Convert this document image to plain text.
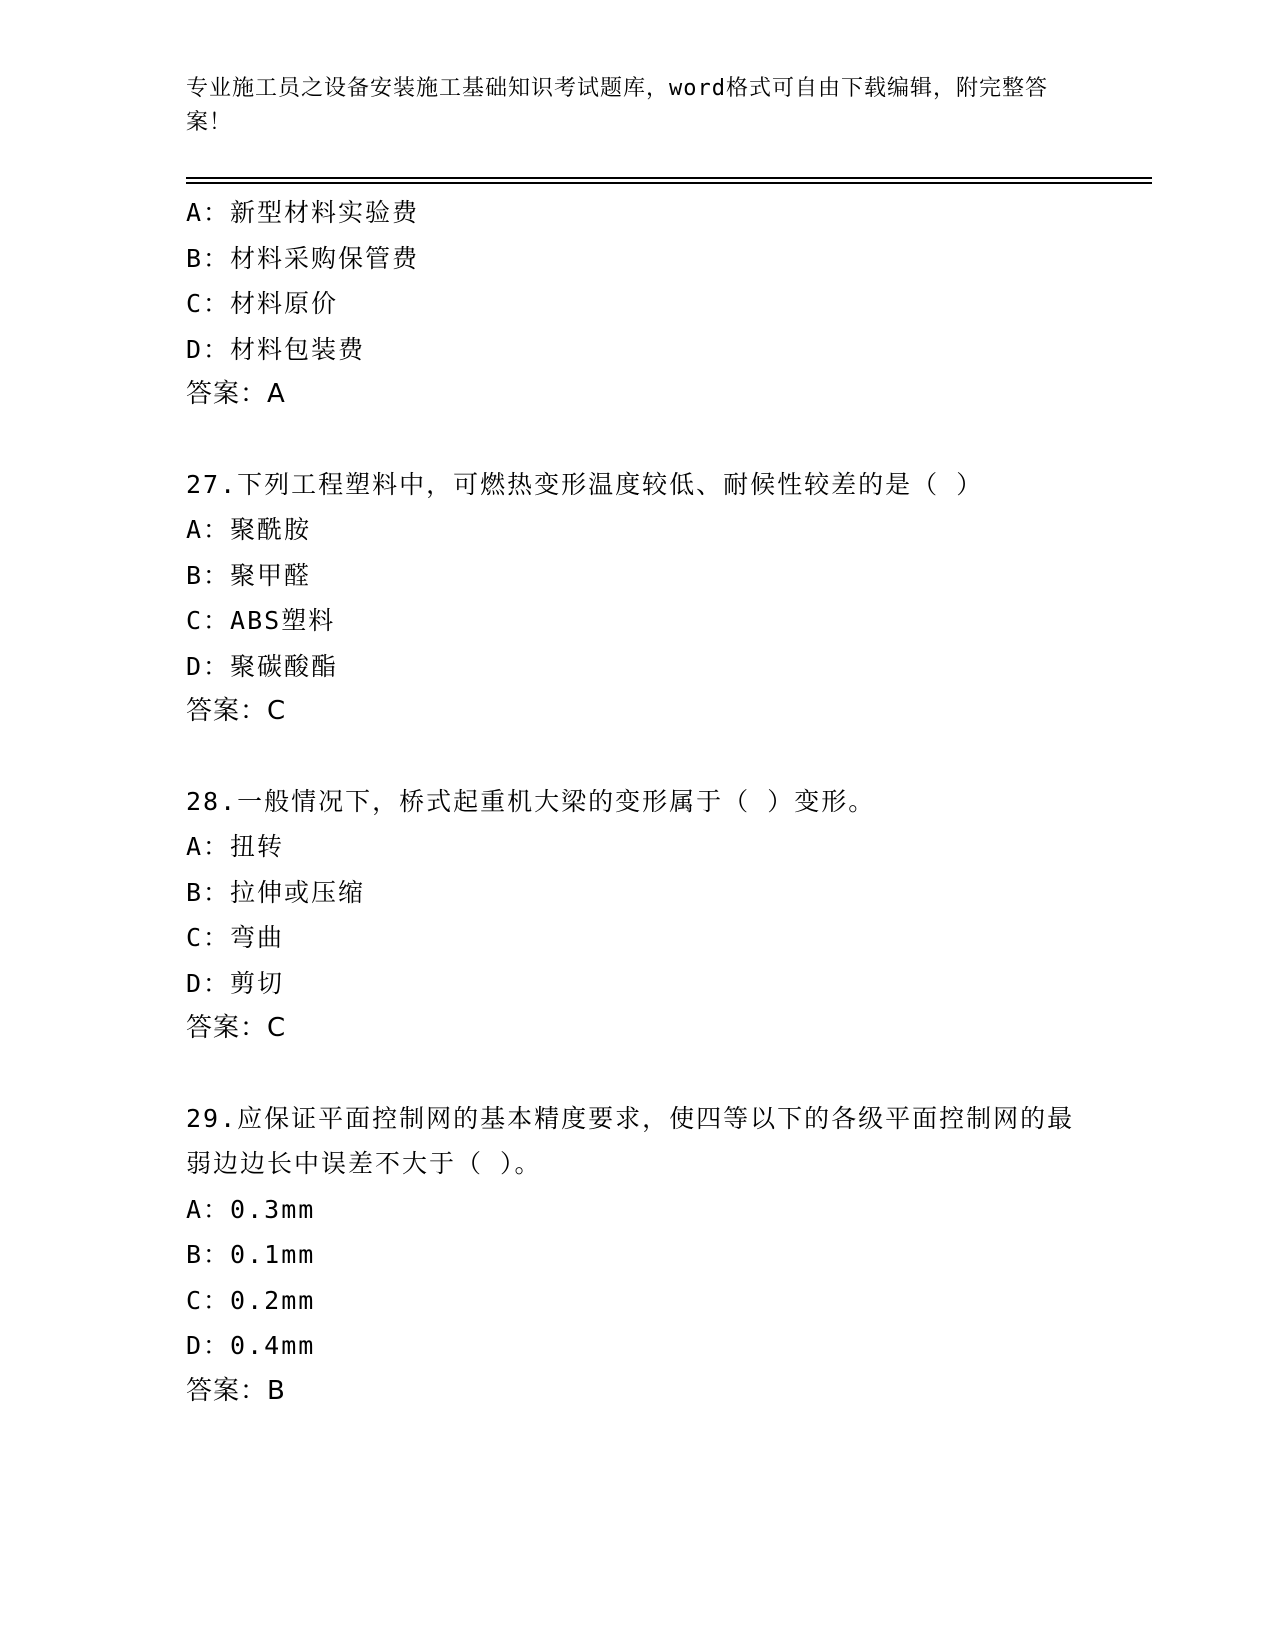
专业施工员之设备安装施工基础知识考试题库，word格式可自由下载编辑，附完整答案！
A：新型材料实验费
B：材料采购保管费
C：材料原价
D：材料包装费
答案：A
27.下列工程塑料中，可燃热变形温度较低、耐候性较差的是（ ）
A：聚酰胺
B：聚甲醛
C：ABS塑料
D：聚碳酸酯
答案：C
28.一般情况下，桥式起重机大梁的变形属于（ ）变形。
A：扭转
B：拉伸或压缩
C：弯曲
D：剪切
答案：C
29.应保证平面控制网的基本精度要求，使四等以下的各级平面控制网的最弱边边长中误差不大于（ ）。
A：0.3mm
B：0.1mm
C：0.2mm
D：0.4mm
答案：B
